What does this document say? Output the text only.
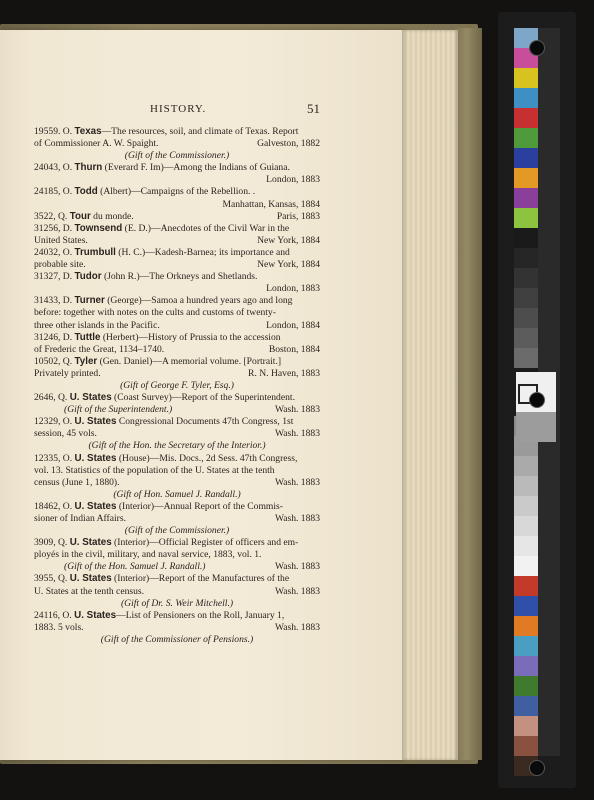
HISTORY.	51
19559. O. Texas—The resources, soil, and climate of Texas. Report
of Commissioner A. W. Spaight.	Galveston, 1882
(Gift of the Commissioner.)
24043, O. Thurn (Everard F. Im)—Among the Indians of Guiana.
London, 1883
24185, O. Todd (Albert)—Campaigns of the Rebellion. .
Manhattan, Kansas, 1884
3522, Q. Tour du monde.	Paris, 1883
31256, D. Townsend (E. D.)—Anecdotes of the Civil War in the
United States.	New York, 1884
24032, O. Trumbull (H. C.)—Kadesh-Barnea; its importance and
probable site.	New York, 1884
31327, D. Tudor (John R.)—The Orkneys and Shetlands.
London, 1883
31433, D. Turner (George)—Samoa a hundred years ago and long
before: together with notes on the cults and customs of twenty-
three other islands in the Pacific.	London, 1884
31246, D. Tuttle (Herbert)—History of Prussia to the accession
of Frederic the Great, 1134–1740.	Boston, 1884
10502, Q. Tyler (Gen. Daniel)—A memorial volume. [Portrait.]
Privately printed.	R. N. Haven, 1883
(Gift of George F. Tyler, Esq.)
2646, Q. U. States (Coast Survey)—Report of the Superintendent.
(Gift of the Superintendent.)	Wash. 1883
12329, O. U. States Congressional Documents 47th Congress, 1st
session, 45 vols.	Wash. 1883
(Gift of the Hon. the Secretary of the Interior.)
12335, O. U. States (House)—Mis. Docs., 2d Sess. 47th Congress,
vol. 13. Statistics of the population of the U. States at the tenth
census (June 1, 1880).	Wash. 1883
(Gift of Hon. Samuel J. Randall.)
18462, O. U. States (Interior)—Annual Report of the Commis-
sioner of Indian Affairs.	Wash. 1883
(Gift of the Commissioner.)
3909, Q. U. States (Interior)—Official Register of officers and em-
ployés in the civil, military, and naval service, 1883, vol. 1.
(Gift of the Hon. Samuel J. Randall.)	Wash. 1883
3955, Q. U. States (Interior)—Report of the Manufactures of the
U. States at the tenth census.	Wash. 1883
(Gift of Dr. S. Weir Mitchell.)
24116, O. U. States—List of Pensioners on the Roll, January 1,
1883. 5 vols.	Wash. 1883
(Gift of the Commissioner of Pensions.)
